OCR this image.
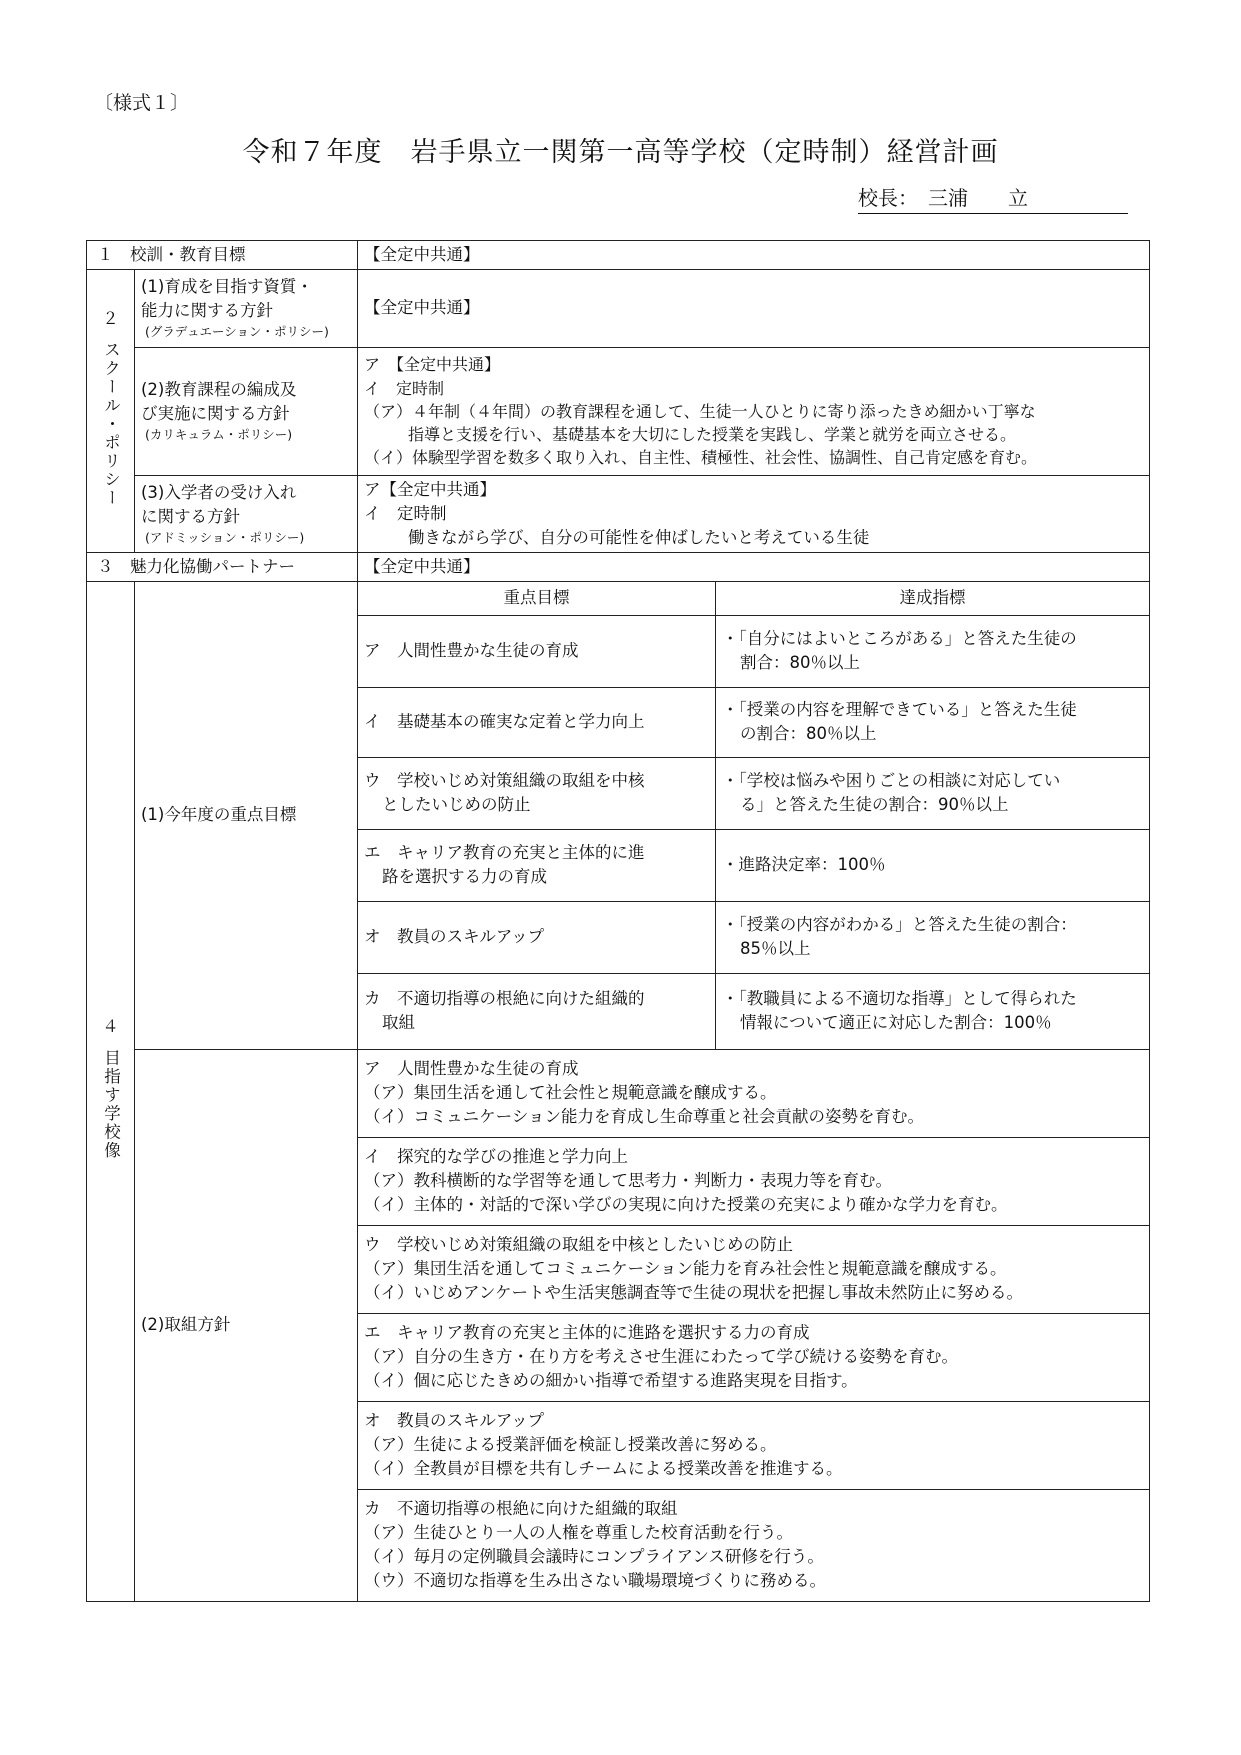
〔様式１〕
令和７年度　岩手県立一関第一高等学校（定時制）経営計画
校長：　三浦　　立
１　校訓・教育目標		【全定中共通】	

２
スクール・ポリシー	(1)育成を目指す資質・
能力に関する方針
(グラデュエーション・ポリシー)	【全定中共通】	

	(2)教育課程の編成及
び実施に関する方針
(カリキュラム・ポリシー)	ア　【全定中共通】
イ　定時制
（ア）４年制（４年間）の教育課程を通して、生徒一人ひとりに寄り添ったきめ細かい丁寧な
指導と支援を行い、基礎基本を大切にした授業を実践し、学業と就労を両立させる。
（イ）体験型学習を数多く取り入れ、自主性、積極性、社会性、協調性、自己肯定感を育む。	

	(3)入学者の受け入れ
に関する方針
(アドミッション・ポリシー)	ア【全定中共通】
イ　定時制
働きながら学び、自分の可能性を伸ばしたいと考えている生徒	

３　魅力化協働パートナー		【全定中共通】	

４
目指す学校像	(1)今年度の重点目標	重点目標	達成指標

		ア　人間性豊かな生徒の育成	・「自分にはよいところがある」と答えた生徒の
割合：80％以上

		イ　基礎基本の確実な定着と学力向上	・「授業の内容を理解できている」と答えた生徒
の割合：80％以上

		ウ　学校いじめ対策組織の取組を中核
としたいじめの防止	・「学校は悩みや困りごとの相談に対応してい
る」と答えた生徒の割合：90％以上

		エ　キャリア教育の充実と主体的に進
路を選択する力の育成	・進路決定率：100％

		オ　教員のスキルアップ	・「授業の内容がわかる」と答えた生徒の割合：
85％以上

		カ　不適切指導の根絶に向けた組織的
取組	・「教職員による不適切な指導」として得られた
情報について適正に対応した割合：100％

	(2)取組方針	ア　人間性豊かな生徒の育成
（ア）集団生活を通して社会性と規範意識を醸成する。
（イ）コミュニケーション能力を育成し生命尊重と社会貢献の姿勢を育む。	

		イ　探究的な学びの推進と学力向上
（ア）教科横断的な学習等を通して思考力・判断力・表現力等を育む。
（イ）主体的・対話的で深い学びの実現に向けた授業の充実により確かな学力を育む。	

		ウ　学校いじめ対策組織の取組を中核としたいじめの防止
（ア）集団生活を通してコミュニケーション能力を育み社会性と規範意識を醸成する。
（イ）いじめアンケートや生活実態調査等で生徒の現状を把握し事故未然防止に努める。	

		エ　キャリア教育の充実と主体的に進路を選択する力の育成
（ア）自分の生き方・在り方を考えさせ生涯にわたって学び続ける姿勢を育む。
（イ）個に応じたきめの細かい指導で希望する進路実現を目指す。	

		オ　教員のスキルアップ
（ア）生徒による授業評価を検証し授業改善に努める。
（イ）全教員が目標を共有しチームによる授業改善を推進する。	

		カ　不適切指導の根絶に向けた組織的取組
（ア）生徒ひとり一人の人権を尊重した校育活動を行う。
（イ）毎月の定例職員会議時にコンプライアンス研修を行う。
（ウ）不適切な指導を生み出さない職場環境づくりに務める。	
